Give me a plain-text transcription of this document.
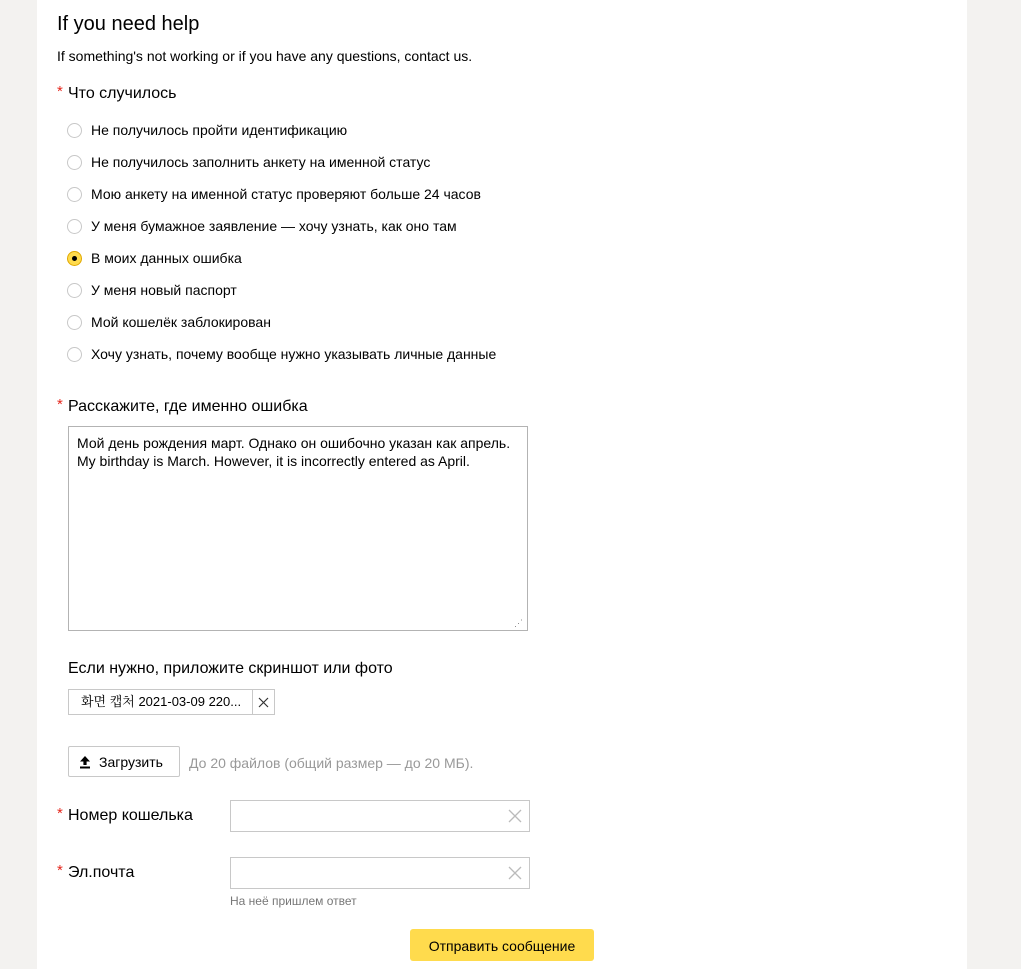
If you need help
If something's not working or if you have any questions, contact us.
* Что случилось
Не получилось пройти идентификацию
Не получилось заполнить анкету на именной статус
Мою анкету на именной статус проверяют больше 24 часов
У меня бумажное заявление — хочу узнать, как оно там
В моих данных ошибка
У меня новый паспорт
Мой кошелёк заблокирован
Хочу узнать, почему вообще нужно указывать личные данные
* Расскажите, где именно ошибка
Мой день рождения март. Однако он ошибочно указан как апрель. My birthday is March. However, it is incorrectly entered as April.
⋰
Если нужно, приложите скриншот или фото
화면 캡처 2021-03-09 220...
Загрузить До 20 файлов (общий размер — до 20 МБ).
* Номер кошелька
* Эл.почта
На неё пришлем ответ
Отправить сообщение
